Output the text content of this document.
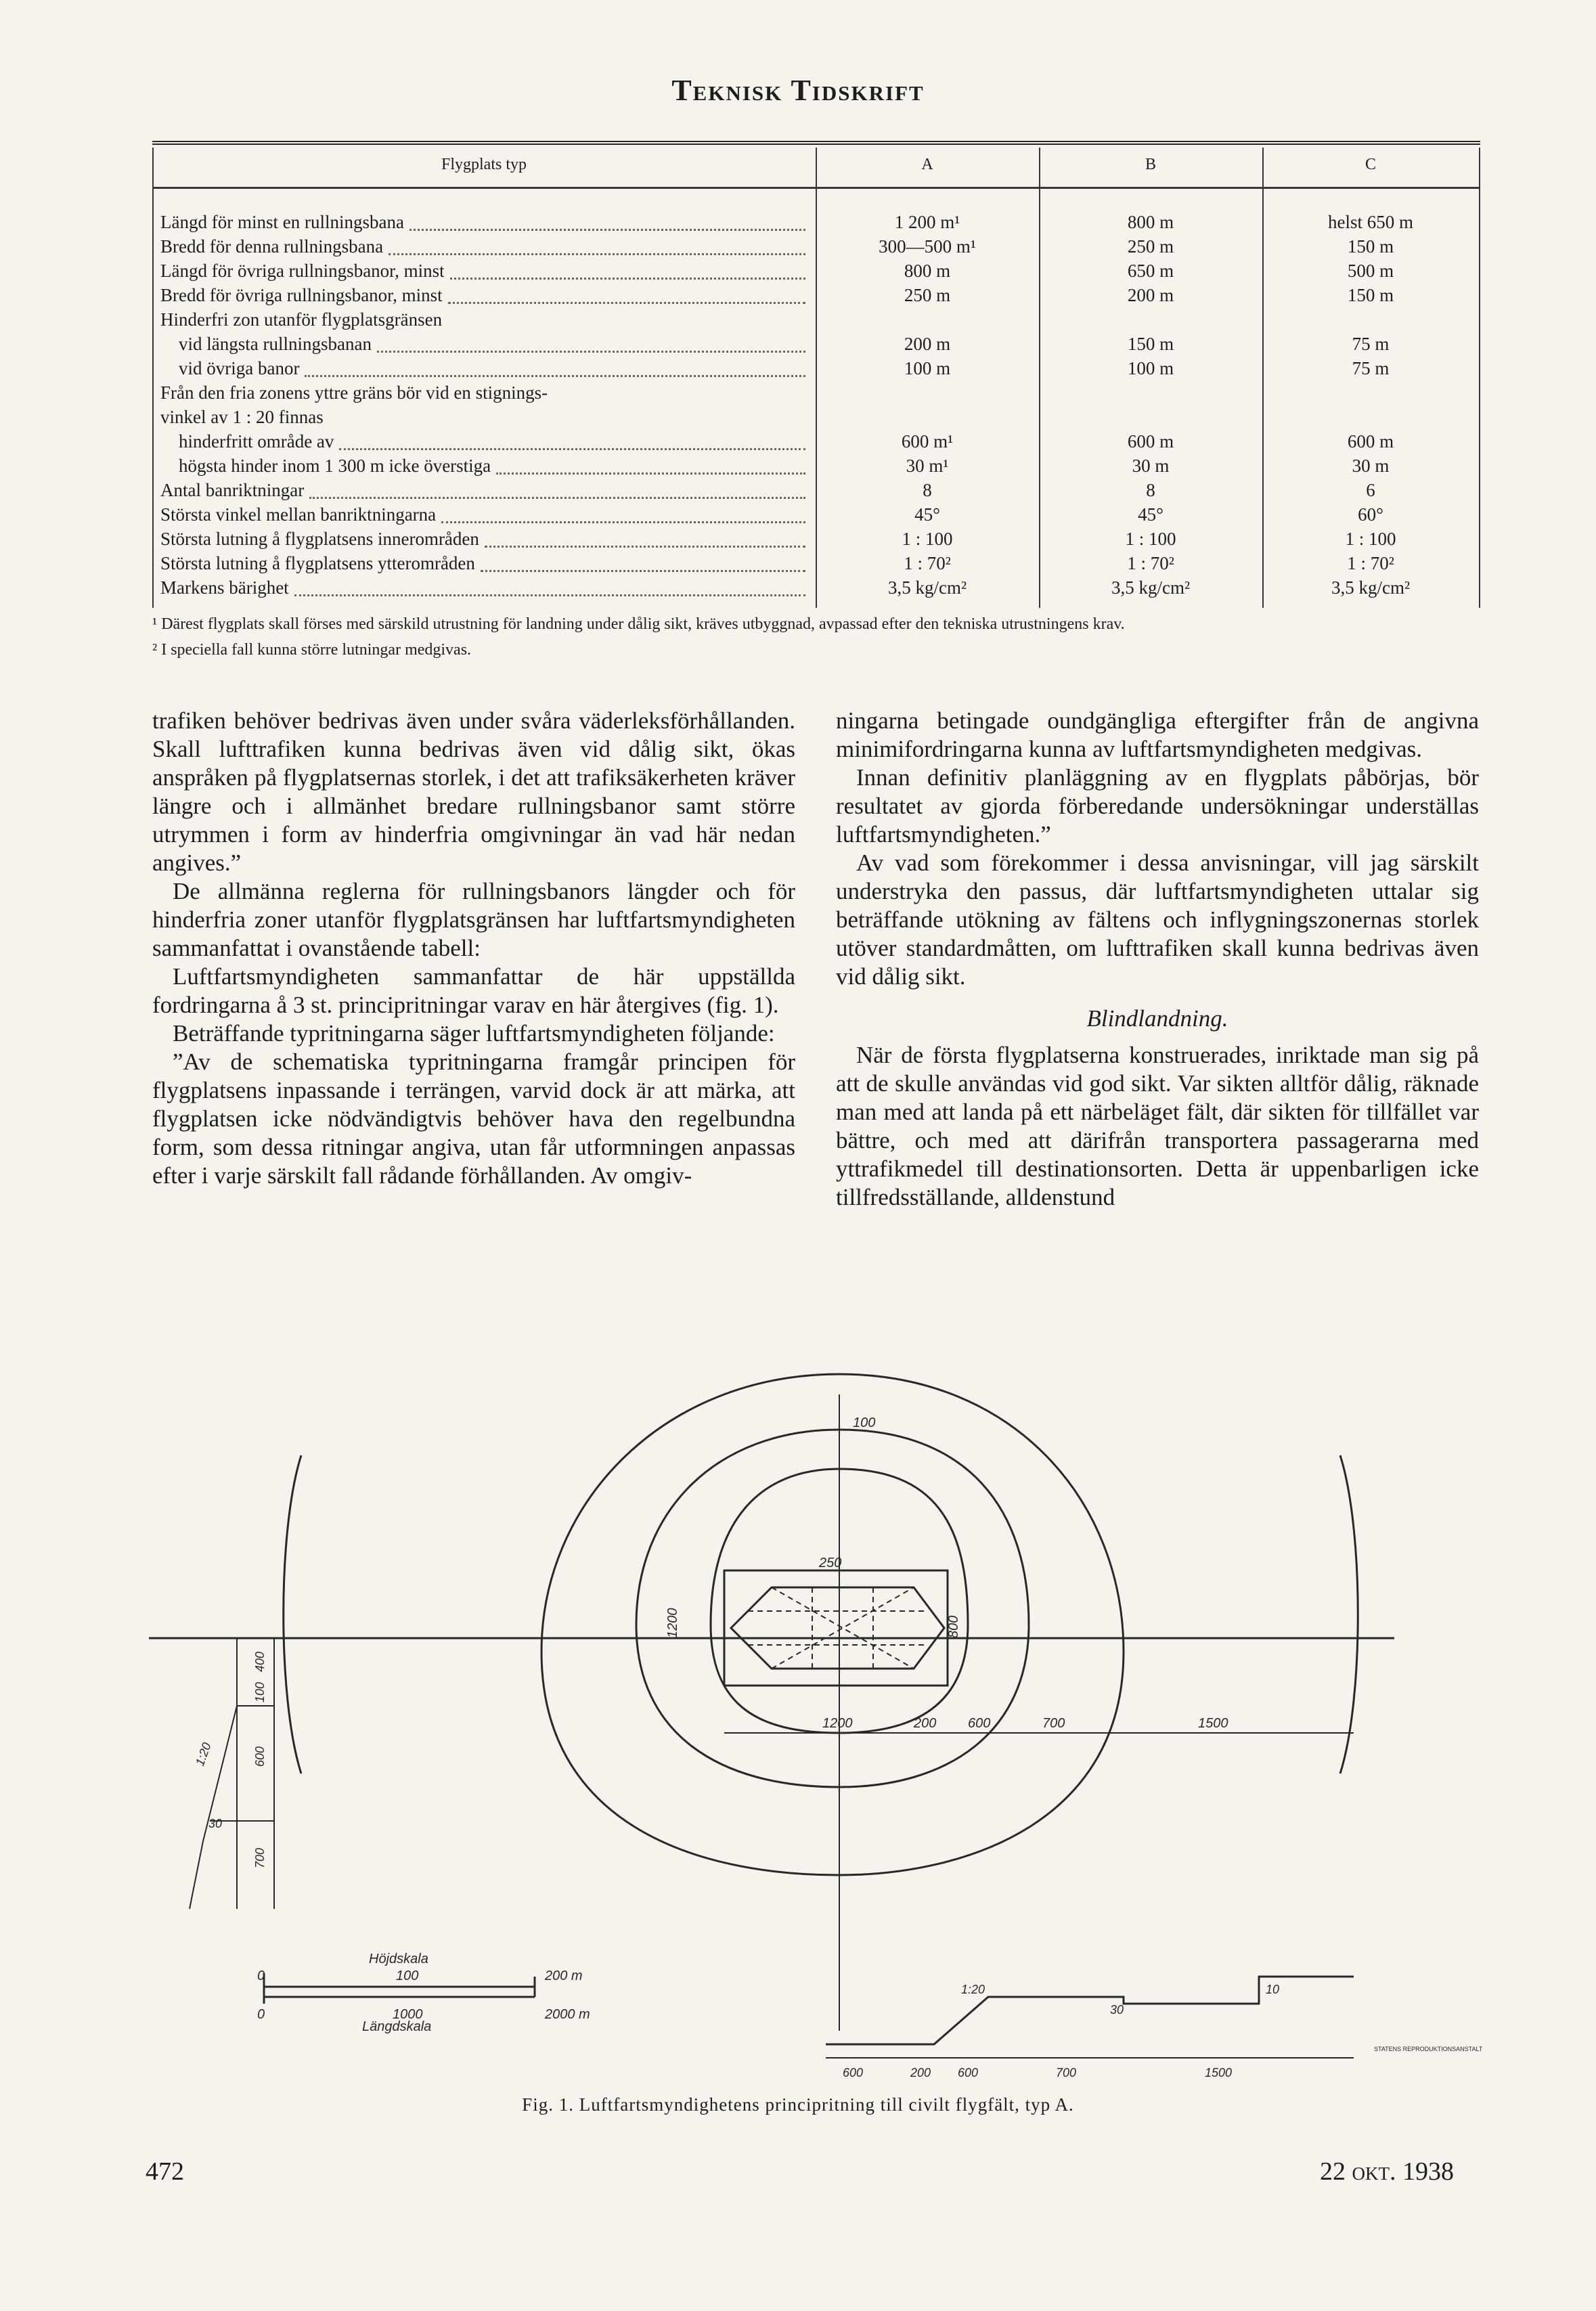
Teknisk Tidskrift
Flygplats typ	A	B	C
Längd för minst en rullningsbana	1 200 m¹	800 m	helst 650 m
Bredd för denna rullningsbana	300—500 m¹	250 m	150 m
Längd för övriga rullningsbanor, minst	800 m	650 m	500 m
Bredd för övriga rullningsbanor, minst	250 m	200 m	150 m
Hinderfri zon utanför flygplatsgränsen
vid längsta rullningsbanan	200 m	150 m	75 m
vid övriga banor	100 m	100 m	75 m
Från den fria zonens yttre gräns bör vid en stignings-
vinkel av 1 : 20 finnas
hinderfritt område av	600 m¹	600 m	600 m
högsta hinder inom 1 300 m icke överstiga	30 m¹	30 m	30 m
Antal banriktningar	8	8	6
Största vinkel mellan banriktningarna	45°	45°	60°
Största lutning å flygplatsens innerområden	1 : 100	1 : 100	1 : 100
Största lutning å flygplatsens ytterområden	1 : 70²	1 : 70²	1 : 70²
Markens bärighet	3,5 kg/cm²	3,5 kg/cm²	3,5 kg/cm²

¹ Därest flygplats skall förses med särskild utrustning för landning under dålig sikt, kräves utbyggnad, avpassad efter den tekniska utrustningens krav.

² I speciella fall kunna större lutningar medgivas.

trafiken behöver bedrivas även under svåra väderleksförhållanden. Skall lufttrafiken kunna bedrivas även vid dålig sikt, ökas anspråken på flygplatsernas storlek, i det att trafiksäkerheten kräver längre och i allmänhet bredare rullningsbanor samt större utrymmen i form av hinderfria omgivningar än vad här nedan angives.”

De allmänna reglerna för rullningsbanors längder och för hinderfria zoner utanför flygplatsgränsen har luftfartsmyndigheten sammanfattat i ovanstående tabell:

Luftfartsmyndigheten sammanfattar de här uppställda fordringarna å 3 st. principritningar varav en här återgives (fig. 1).

Beträffande typritningarna säger luftfartsmyndigheten följande:

”Av de schematiska typritningarna framgår principen för flygplatsens inpassande i terrängen, varvid dock är att märka, att flygplatsen icke nödvändigtvis behöver hava den regelbundna form, som dessa ritningar angiva, utan får utformningen anpassas efter i varje särskilt fall rådande förhållanden. Av omgiv-

ningarna betingade oundgängliga eftergifter från de angivna minimifordringarna kunna av luftfartsmyndigheten medgivas.

Innan definitiv planläggning av en flygplats påbörjas, bör resultatet av gjorda förberedande undersökningar underställas luftfartsmyndigheten.”

Av vad som förekommer i dessa anvisningar, vill jag särskilt understryka den passus, där luftfartsmyndigheten uttalar sig beträffande utökning av fältens och inflygningszonernas storlek utöver standardmåtten, om lufttrafiken skall kunna bedrivas även vid dålig sikt.

Blindlandning.

När de första flygplatserna konstruerades, inriktade man sig på att de skulle användas vid god sikt. Var sikten alltför dålig, räknade man med att landa på ett närbeläget fält, där sikten för tillfället var bättre, och med att därifrån transportera passagerarna med yttrafikmedel till destinationsorten. Detta är uppenbarligen icke tillfredsställande, alldenstund

100
250
1200	800
1200	200 600	700	1500
400
100
600
700
1:20
30
Höjdskala
0	100	200 m
0	1000	2000 m
Längdskala
1:20
30
10
600	200 600	700	1500
STATENS REPRODUKTIONSANSTALT
Fig. 1. Luftfartsmyndighetens principritning till civilt flygfält, typ A.
472	22 okt. 1938
